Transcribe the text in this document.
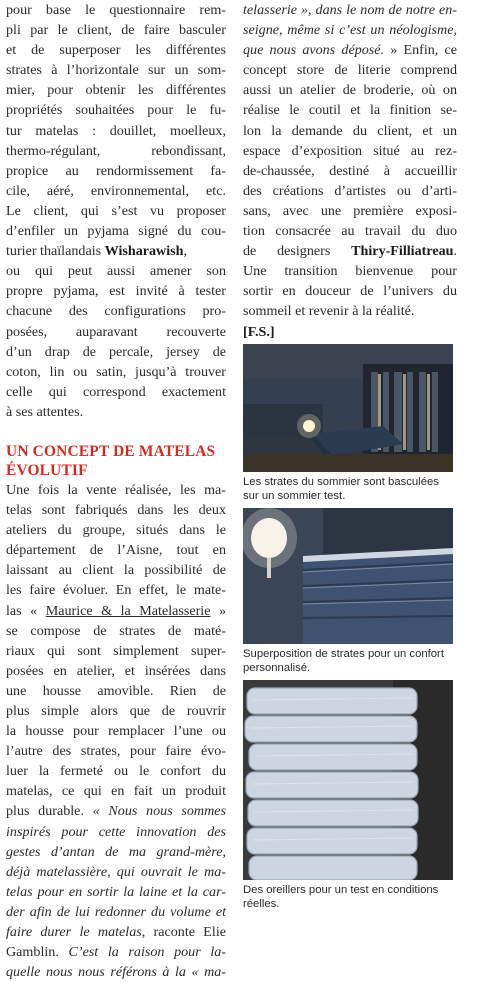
pour base le questionnaire rem-
pli par le client, de faire basculer
et de superposer les différentes
strates à l’horizontale sur un som-
mier, pour obtenir les différentes
propriétés souhaitées pour le fu-
tur matelas : douillet, moelleux,
thermo-régulant, rebondissant,
propice au rendormissement fa-
cile, aéré, environnemental, etc.
Le client, qui s’est vu proposer
d’enfiler un pyjama signé du cou-
turier thaïlandais Wisharawish,
ou qui peut aussi amener son
propre pyjama, est invité à tester
chacune des configurations pro-
posées, auparavant recouverte
d’un drap de percale, jersey de
coton, lin ou satin, jusqu’à trouver
celle qui correspond exactement
à ses attentes.
UN CONCEPT DE MATELAS
ÉVOLUTIF
Une fois la vente réalisée, les ma-
telas sont fabriqués dans les deux
ateliers du groupe, situés dans le
département de l’Aisne, tout en
laissant au client la possibilité de
les faire évoluer. En effet, le mate-
las « Maurice & la Matelasserie »
se compose de strates de maté-
riaux qui sont simplement super-
posées en atelier, et insérées dans
une housse amovible. Rien de
plus simple alors que de rouvrir
la housse pour remplacer l’une ou
l’autre des strates, pour faire évo-
luer la fermeté ou le confort du
matelas, ce qui en fait un produit
plus durable. « Nous nous sommes
inspirés pour cette innovation des
gestes d’antan de ma grand-mère,
déjà matelassière, qui ouvrait le ma-
telas pour en sortir la laine et la car-
der afin de lui redonner du volume et
faire durer le matelas, raconte Elie
Gamblin. C’est la raison pour la-
quelle nous nous référons à la « ma-
telasserie », dans le nom de notre en-
seigne, même si c’est un néologisme,
que nous avons déposé. » Enfin, ce
concept store de literie comprend
aussi un atelier de broderie, où on
réalise le coutil et la finition se-
lon la demande du client, et un
espace d’exposition situé au rez-
de-chaussée, destiné à accueillir
des créations d’artistes ou d’arti-
sans, avec une première exposi-
tion consacrée au travail du duo
de designers Thiry-Filliatreau.
Une transition bienvenue pour
sortir en douceur de l’univers du
sommeil et revenir à la réalité.
[F.S.]
Les strates du sommier sont basculées sur un sommier test.
Superposition de strates pour un confort personnalisé.
Des oreillers pour un test en conditions réelles.
